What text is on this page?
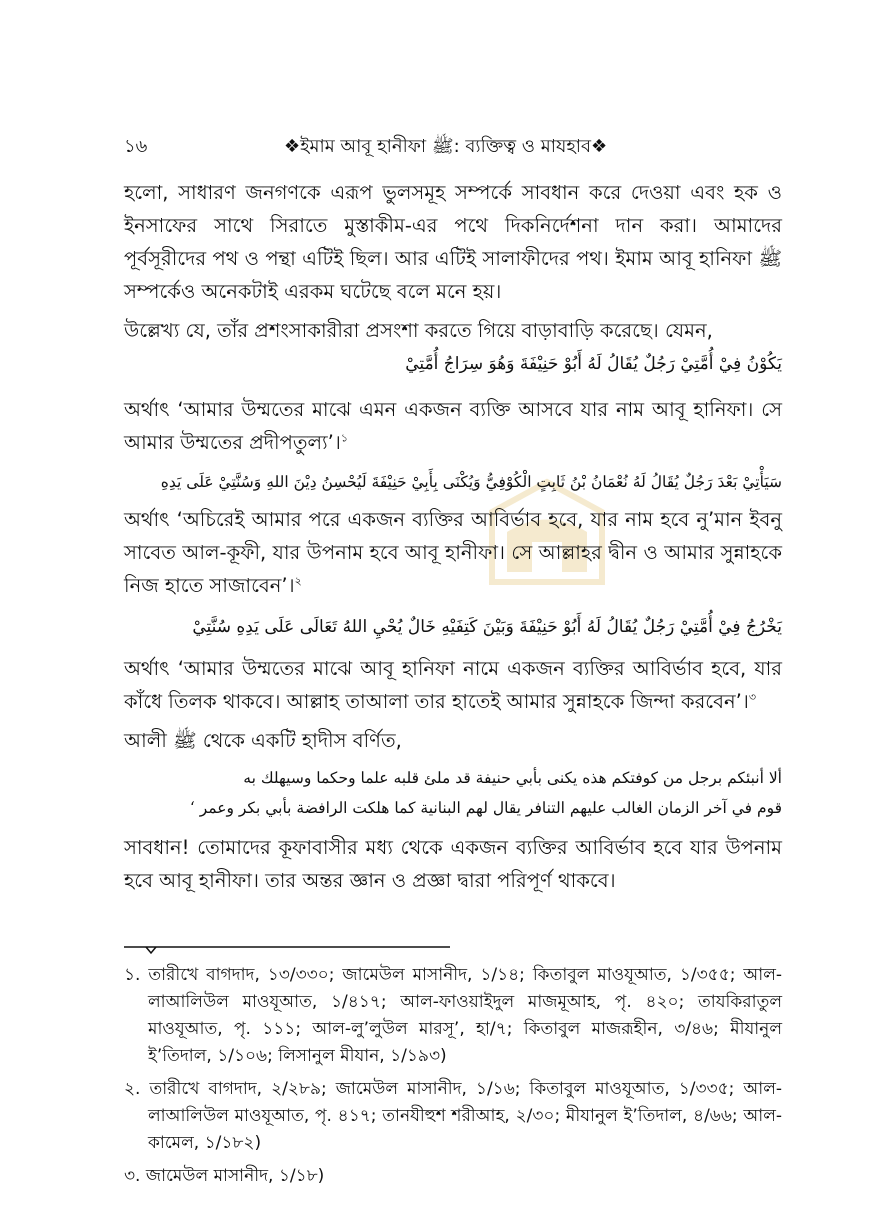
১৬	❖ইমাম আবূ হানীফা ﷺ: ব্যক্তিত্ব ও মাযহাব❖

হলো, সাধারণ জনগণকে এরূপ ভুলসমূহ সম্পর্কে সাবধান করে দেওয়া এবং হক ও ইনসাফের সাথে সিরাতে মুস্তাকীম-এর পথে দিকনির্দেশনা দান করা। আমাদের পূর্বসূরীদের পথ ও পন্থা এটিই ছিল। আর এটিই সালাফীদের পথ। ইমাম আবূ হানিফা ﷺ সম্পর্কেও অনেকটাই এরকম ঘটেছে বলে মনে হয়।

উল্লেখ্য যে, তাঁর প্রশংসাকারীরা প্রসংশা করতে গিয়ে বাড়াবাড়ি করেছে। যেমন,

يَكُوْنُ فِيْ أُمَّتِيْ رَجُلٌ يُقَالُ لَهُ أَبُوْ حَنِيْفَةَ وَهُوَ سِرَاجُ أُمَّتِيْ

অর্থাৎ ‘আমার উম্মতের মাঝে এমন একজন ব্যক্তি আসবে যার নাম আবূ হানিফা। সে আমার উম্মতের প্রদীপতুল্য’।$^১$

سَيَأْتِيْ بَعْدَ رَجُلٌ يُقَالُ لَهُ نُعْمَانُ بْنُ ثَابِتٍ الْكُوْفِيُّ وَيُكْنَى بِأَبِيْ حَنِيْفَةَ لَيُحْسِنُ دِيْنَ اللهِ وَسُنَّتِيْ عَلَى يَدِهِ

অর্থাৎ ‘অচিরেই আমার পরে একজন ব্যক্তির আবির্ভাব হবে, যার নাম হবে নু’মান ইবনু সাবেত আল-কূফী, যার উপনাম হবে আবূ হানীফা। সে আল্লাহর দ্বীন ও আমার সুন্নাহকে নিজ হাতে সাজাবেন’।$^২$

يَخْرُجُ فِيْ أُمَّتِيْ رَجُلٌ يُقَالُ لَهُ أَبُوْ حَنِيْفَةَ وَبَيْنَ كَتِفَيْهِ خَالٌ يُحْيِ اللهُ تَعَالَى عَلَى يَدِهِ سُنَّتِيْ

অর্থাৎ ‘আমার উম্মতের মাঝে আবূ হানিফা নামে একজন ব্যক্তির আবির্ভাব হবে, যার কাঁধে তিলক থাকবে। আল্লাহ তাআলা তার হাতেই আমার সুন্নাহকে জিন্দা করবেন’।$^৩$

আলী ﷺ থেকে একটি হাদীস বর্ণিত,

ألا أنبئكم برجل من كوفتكم هذه يكنى بأبي حنيفة قد ملئ قلبه علما وحكما وسيهلك به

قوم في آخر الزمان الغالب عليهم التنافر يقال لهم البنانية كما هلكت الرافضة بأبي بكر وعمر ‘

সাবধান! তোমাদের কূফাবাসীর মধ্য থেকে একজন ব্যক্তির আবির্ভাব হবে যার উপনাম হবে আবূ হানীফা। তার অন্তর জ্ঞান ও প্রজ্ঞা দ্বারা পরিপূর্ণ থাকবে।

১. তারীখে বাগদাদ, ১৩/৩৩০; জামেউল মাসানীদ, ১/১৪; কিতাবুল মাওযূআত, ১/৩৫৫; আল-লাআলিউল মাওযূআত, ১/৪১৭; আল-ফাওয়াইদুল মাজমূআহ, পৃ. ৪২০; তাযকিরাতুল মাওযূআত, পৃ. ১১১; আল-লু’লুউল মারসূ’, হা/৭; কিতাবুল মাজরূহীন, ৩/৪৬; মীযানুল ই’তিদাল, ১/১০৬; লিসানুল মীযান, ১/১৯৩)

২. তারীখে বাগদাদ, ২/২৮৯; জামেউল মাসানীদ, ১/১৬; কিতাবুল মাওযূআত, ১/৩৩৫; আল-লাআলিউল মাওযূআত, পৃ. ৪১৭; তানযীহুশ শরীআহ, ২/৩০; মীযানুল ই’তিদাল, ৪/৬৬; আল-কামেল, ১/১৮২)

৩. জামেউল মাসানীদ, ১/১৮)
